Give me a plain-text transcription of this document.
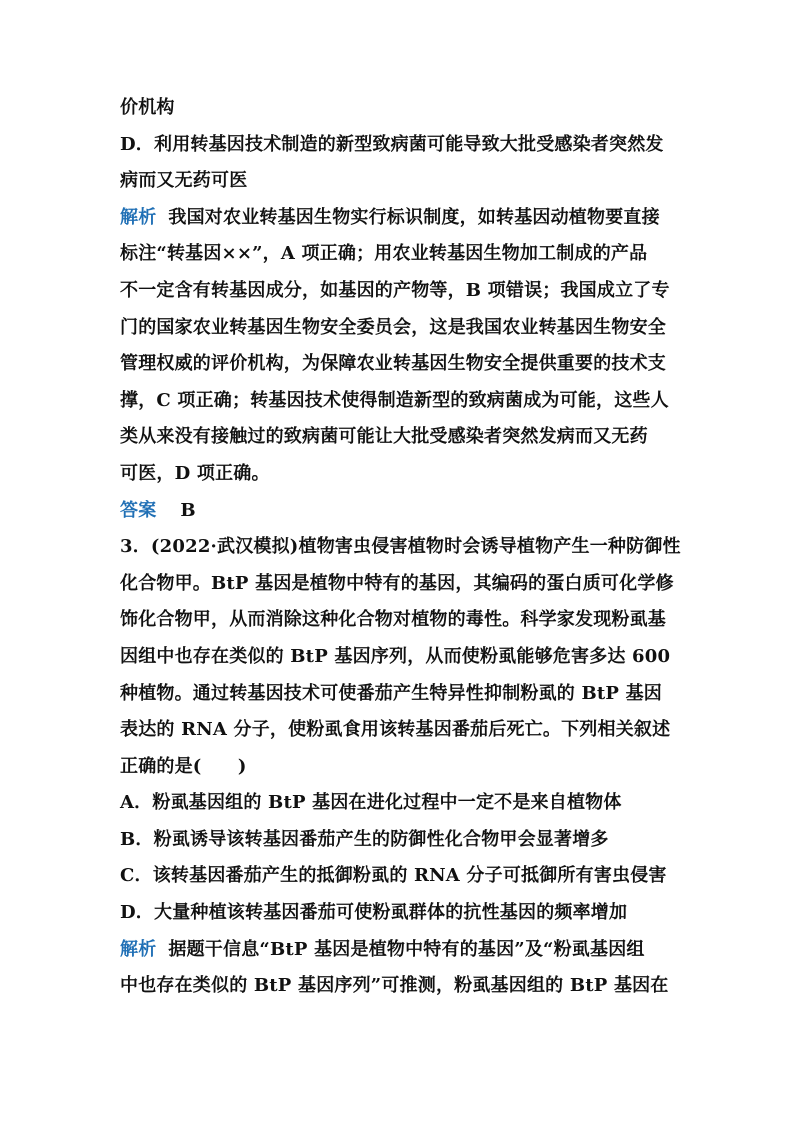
价机构
D．利用转基因技术制造的新型致病菌可能导致大批受感染者突然发
病而又无药可医
解析 我国对农业转基因生物实行标识制度，如转基因动植物要直接
标注“转基因××”，A 项正确；用农业转基因生物加工制成的产品
不一定含有转基因成分，如基因的产物等，B 项错误；我国成立了专
门的国家农业转基因生物安全委员会，这是我国农业转基因生物安全
管理权威的评价机构，为保障农业转基因生物安全提供重要的技术支
撑，C 项正确；转基因技术使得制造新型的致病菌成为可能，这些人
类从来没有接触过的致病菌可能让大批受感染者突然发病而又无药
可医，D 项正确。
答案 B
3．(2022·武汉模拟)植物害虫侵害植物时会诱导植物产生一种防御性
化合物甲。BtP 基因是植物中特有的基因，其编码的蛋白质可化学修
饰化合物甲，从而消除这种化合物对植物的毒性。科学家发现粉虱基
因组中也存在类似的 BtP 基因序列，从而使粉虱能够危害多达 600
种植物。通过转基因技术可使番茄产生特异性抑制粉虱的 BtP 基因
表达的 RNA 分子，使粉虱食用该转基因番茄后死亡。下列相关叙述
正确的是(　　)
A．粉虱基因组的 BtP 基因在进化过程中一定不是来自植物体
B．粉虱诱导该转基因番茄产生的防御性化合物甲会显著增多
C．该转基因番茄产生的抵御粉虱的 RNA 分子可抵御所有害虫侵害
D．大量种植该转基因番茄可使粉虱群体的抗性基因的频率增加
解析 据题干信息“BtP 基因是植物中特有的基因”及“粉虱基因组
中也存在类似的 BtP 基因序列”可推测，粉虱基因组的 BtP 基因在
